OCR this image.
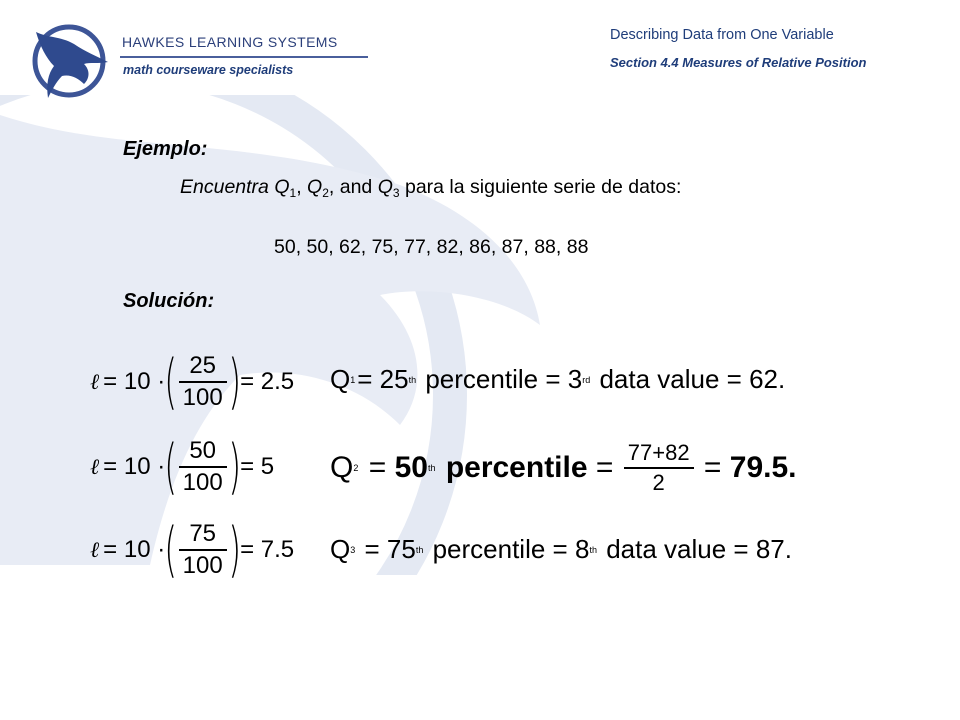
HAWKES LEARNING SYSTEMS
math courseware specialists
Describing Data from One Variable
Section 4.4 Measures of Relative Position
Ejemplo:
Encuentra $Q_1$, $Q_2$, and $Q_3$ para la siguiente serie de datos:
50, 50, 62, 75, 77, 82, 86, 87, 88, 88
Solución:
ℓ = 10 · ( $\frac{25}{100}$ ) = 2.5 Q 1 =
25 th
percentile
=
3 rd
data value
=
62.
ℓ = 10 · ( $\frac{50}{100}$ ) = 5 Q 2
=
50 th
percentile
=
$\frac{77+82}{2}$
=
79.5.
ℓ = 10 · ( $\frac{75}{100}$ ) = 7.5 Q 3
=
75 th
percentile
=
8 th
data value
=
87.
